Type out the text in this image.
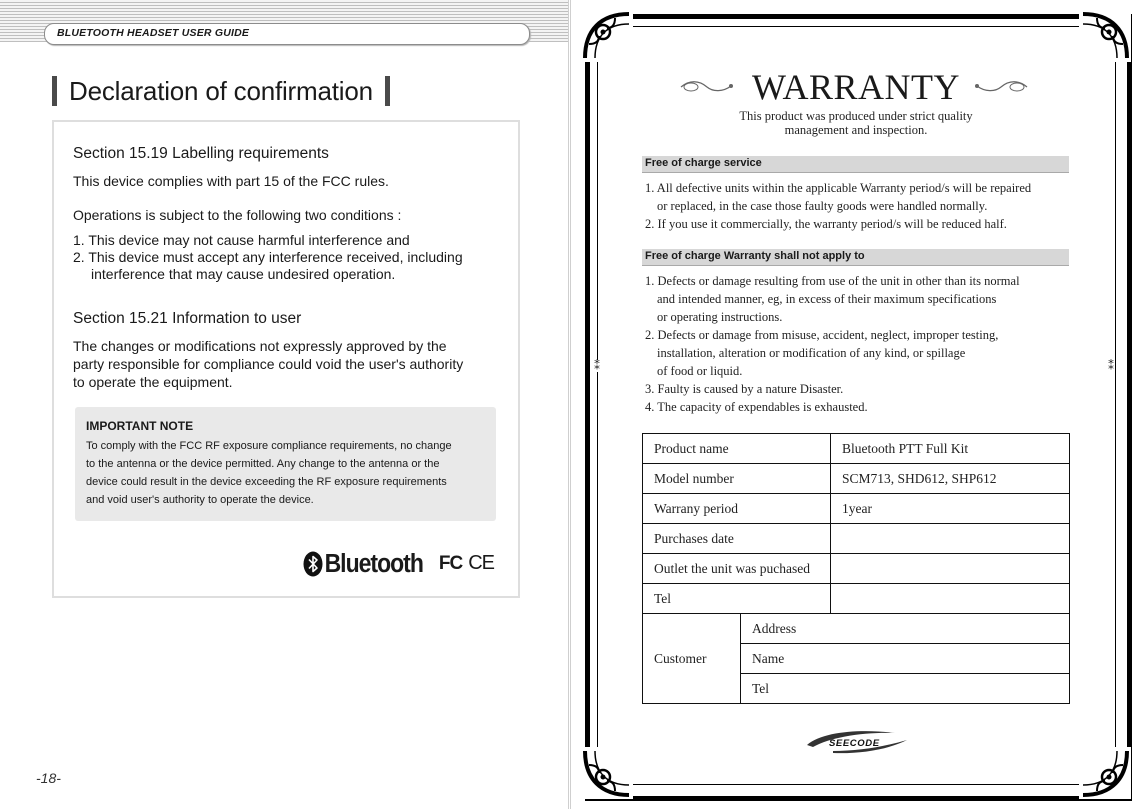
BLUETOOTH HEADSET USER GUIDE
Declaration of confirmation
Section 15.19 Labelling requirements
This device complies with part 15 of the FCC rules.
Operations is subject to the following two conditions :
1. This device may not cause harmful interference and
2. This device must accept any interference received, including
interference that may cause undesired operation.
Section 15.21 Information to user
The changes or modifications not expressly approved by the
party responsible for compliance could void the user's authority
to operate the equipment.
IMPORTANT NOTE
To comply with the FCC RF exposure compliance requirements, no change
to the antenna or the device permitted. Any change to the antenna or the
device could result in the device exceeding the RF exposure requirements
and void user's authority to operate the device.
Bluetooth FC CE
-18-
⁑	⁑
WARRANTY
This product was produced under strict quality
management and inspection.
Free of charge service
1. All defective units within the applicable Warranty period/s will be repaired
or replaced, in the case those faulty goods were handled normally.
2. If you use it commercially, the warranty period/s will be reduced half.
Free of charge Warranty shall not apply to
1. Defects or damage resulting from use of the unit in other than its normal
and intended manner, eg, in excess of their maximum specifications
or operating instructions.
2. Defects or damage from misuse, accident, neglect, improper testing,
installation, alteration or modification of any kind, or spillage
of food or liquid.
3. Faulty is caused by a nature Disaster.
4. The capacity of expendables is exhausted.
Product name		Bluetooth PTT Full Kit
Model number		SCM713, SHD612, SHP612
Warrany period		1year
Purchases date		
Outlet the unit was puchased		
Tel		
Customer	Address	
	Name	
	Tel	
SEECODE
